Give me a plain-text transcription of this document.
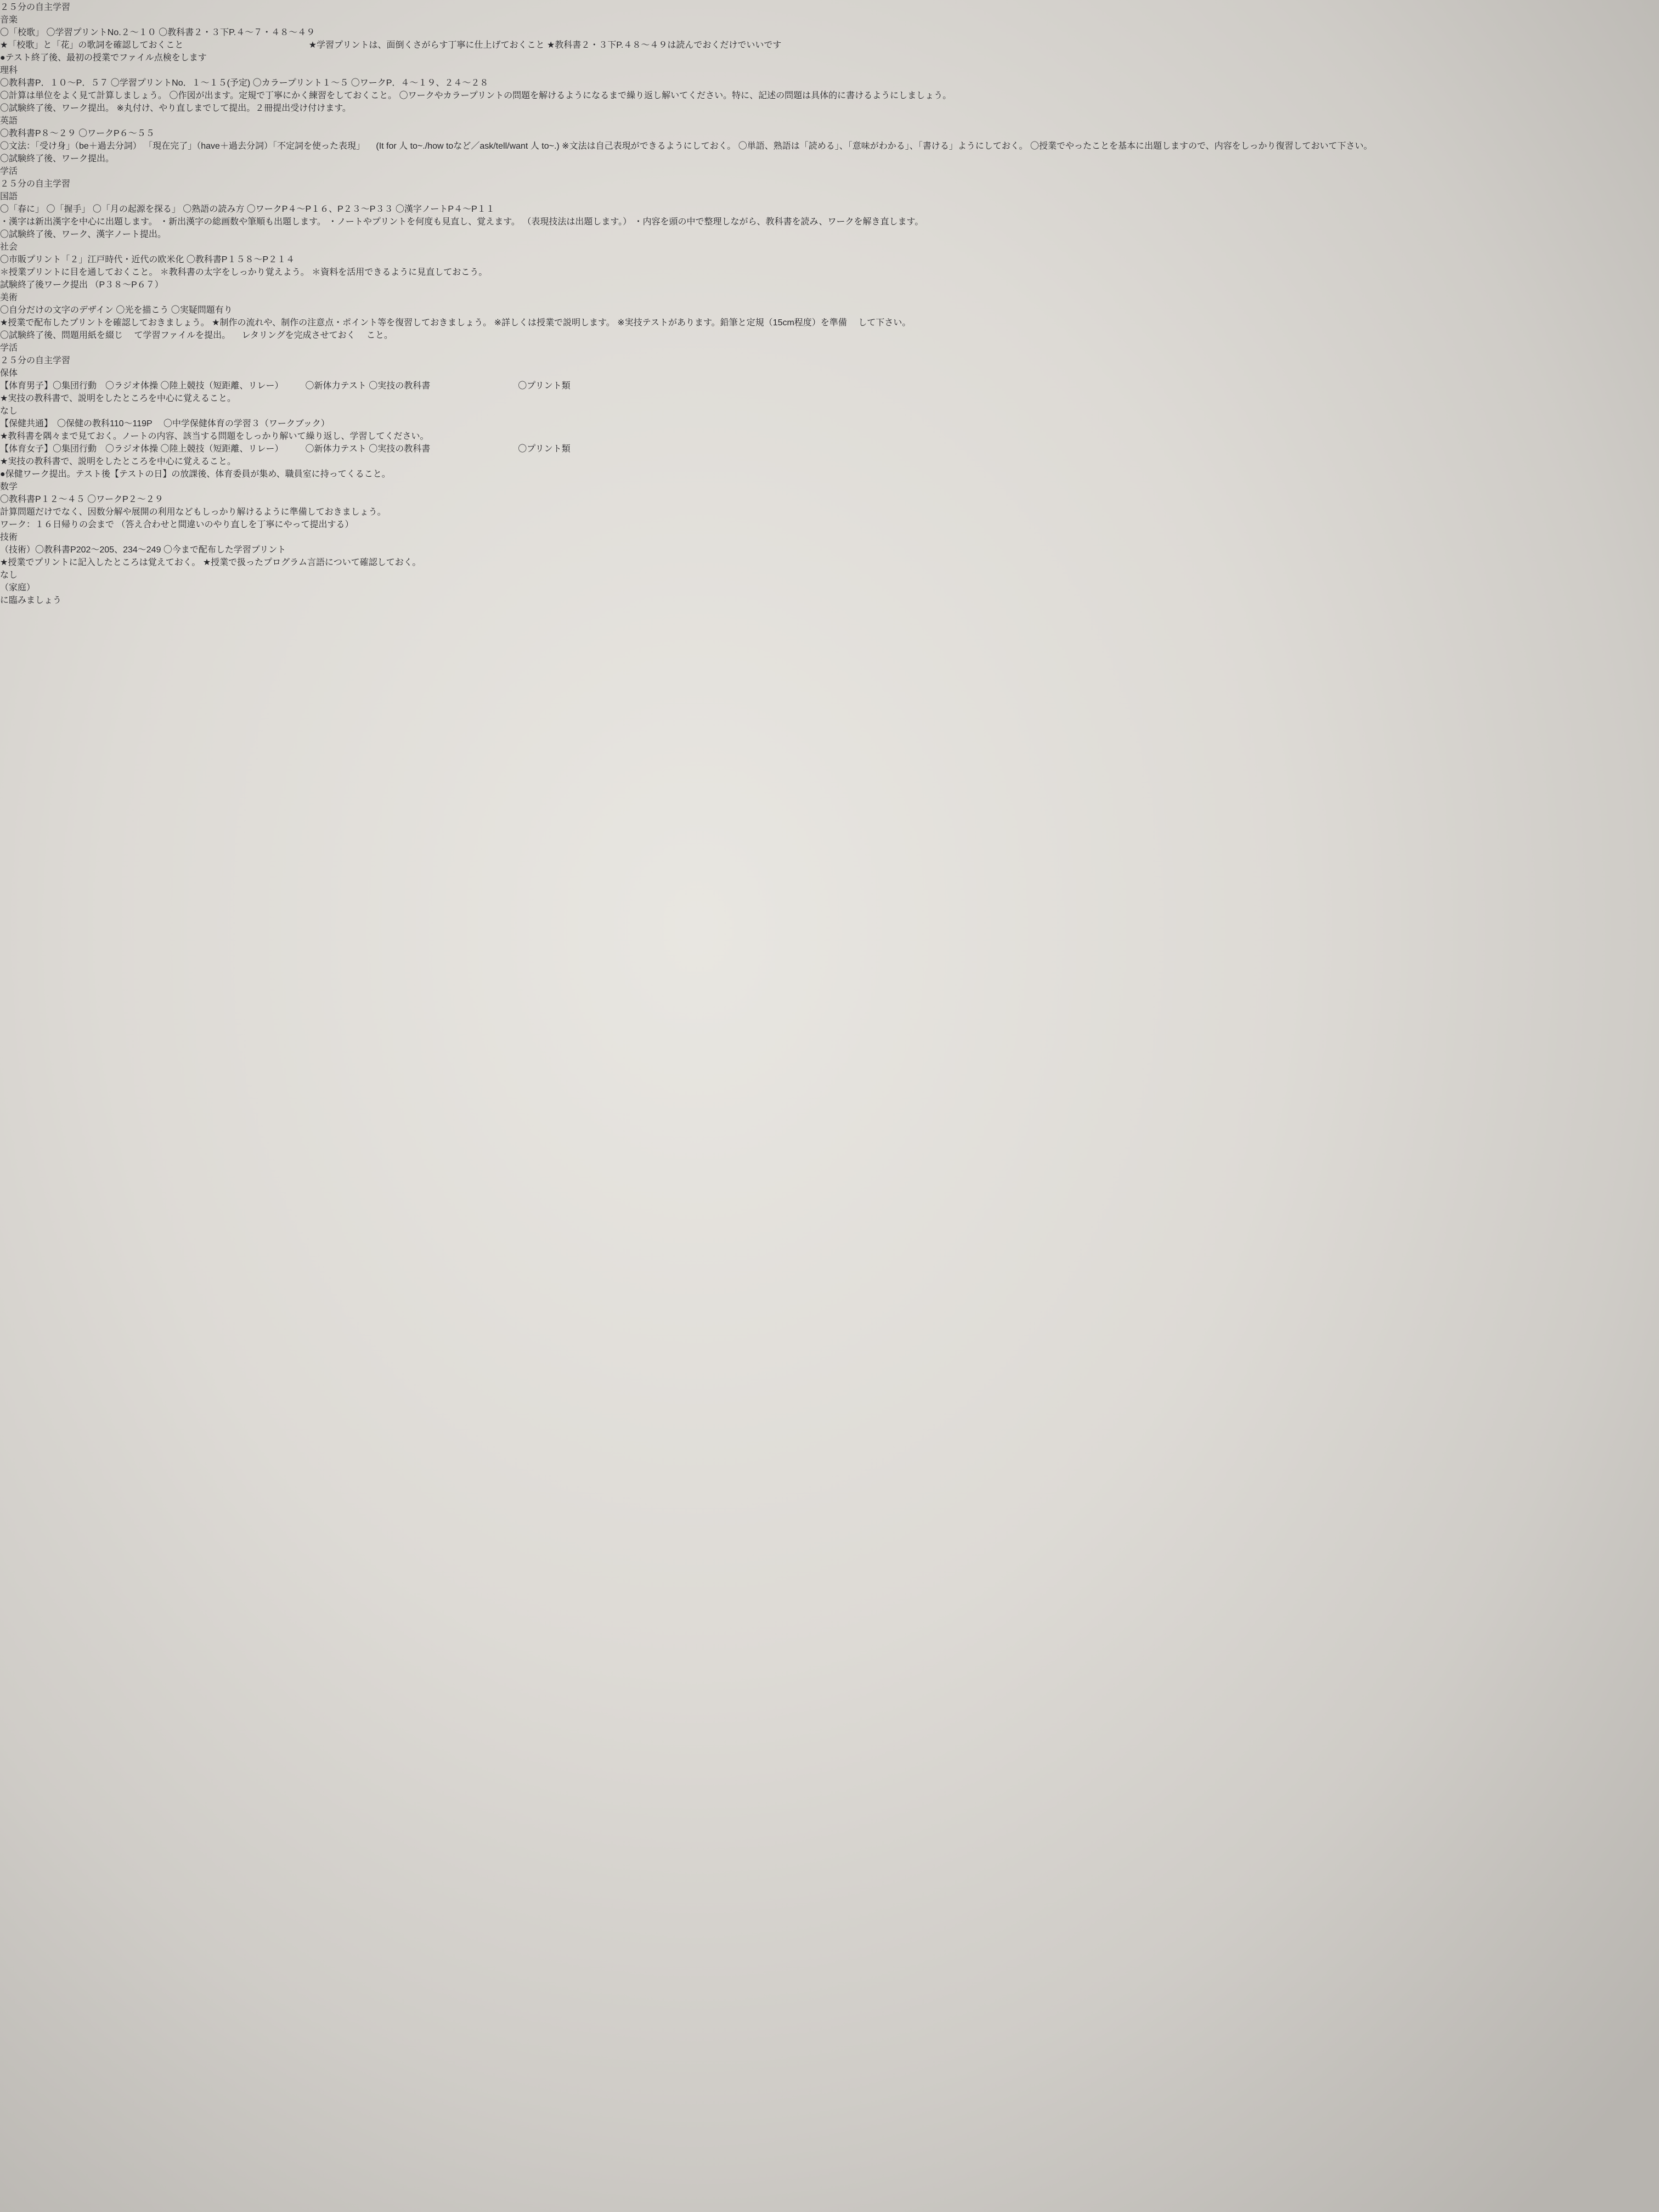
２５分の自主学習
音楽
〇「校歌」 〇学習プリントNo.２～１０ 〇教科書２・３下P.４～７・４８～４９
★「校歌」と「花」の歌詞を確認しておくこと 　　　　　　　　　　　　　　★学習プリントは、面倒くさがらす丁寧に仕上げておくこと ★教科書２・３下P.４８～４９は読んでおくだけでいいです
●テスト終了後、最初の授業でファイル点検をします
理科
〇教科書P．１０～P．５７ 〇学習プリントNo．１～１５(予定) 〇カラープリント１～５ 〇ワークP．４～１９、２４～２８
〇計算は単位をよく見て計算しましょう。 〇作図が出ます。定規で丁寧にかく練習をしておくこと。 〇ワークやカラープリントの問題を解けるようになるまで繰り返し解いてください。特に、記述の問題は具体的に書けるようにしましょう。
〇試験終了後、ワーク提出。 ※丸付け、やり直しまでして提出。２冊提出受け付けます。
英語
〇教科書P８～２９ 〇ワークP６～５５
〇文法：「受け身」（be＋過去分詞） 「現在完了」（have＋過去分詞）「不定詞を使った表現」 　(It for 人 to~./how toなど／ask/tell/want 人 to~.) ※文法は自己表現ができるようにしておく。 〇単語、熟語は「読める」、「意味がわかる」、「書ける」ようにしておく。 〇授業でやったことを基本に出題しますので、内容をしっかり復習しておいて下さい。
〇試験終了後、ワーク提出。
学活
２５分の自主学習
国語
〇「春に」 〇「握手」 〇「月の起源を探る」 〇熟語の読み方 〇ワークP４～P１６、P２３～P３３ 〇漢字ノートP４～P１１
・漢字は新出漢字を中心に出題します。 ・新出漢字の総画数や筆順も出題します。 ・ノートやプリントを何度も見直し、覚えます。 （表現技法は出題します。） ・内容を頭の中で整理しながら、教科書を読み、ワークを解き直します。
〇試験終了後、ワーク、漢字ノート提出。
社会
〇市販プリント「２」江戸時代・近代の欧米化 〇教科書P１５８～P２１４
＊授業プリントに目を通しておくこと。 ＊教科書の太字をしっかり覚えよう。 ＊資料を活用できるように見直しておこう。
試験終了後ワーク提出 （P３８～P６７）
美術
〇自分だけの文字のデザイン 〇光を描こう 〇実疑問題有り
★授業で配布したプリントを確認しておきましょう。 ★制作の流れや、制作の注意点・ポイント等を復習しておきましょう。 ※詳しくは授業で説明します。 ※実技テストがあります。鉛筆と定規（15cm程度）を準備 　して下さい。
〇試験終了後、問題用紙を綴じ 　て学習ファイルを提出。 　レタリングを完成させておく 　こと。
学活
２５分の自主学習
保体
【体育男子】〇集団行動　〇ラジオ体操 〇陸上競技（短距離、リレー）　　　〇新体力テスト 〇実技の教科書　　　　　　　　　　〇プリント類
★実技の教科書で、説明をしたところを中心に覚えること。
なし
【保健共通】　〇保健の教科110～119P 　〇中学保健体育の学習３（ワークブック）
★教科書を隅々まで見ておく。ノートの内容、該当する問題をしっかり解いて繰り返し、学習してください。
【体育女子】〇集団行動　〇ラジオ体操 〇陸上競技（短距離、リレー）　　　〇新体力テスト 〇実技の教科書　　　　　　　　　　〇プリント類
★実技の教科書で、説明をしたところを中心に覚えること。
●保健ワーク提出。テスト後【テストの日】の放課後、体育委員が集め、職員室に持ってくること。
数学
〇教科書P１２～４５ 〇ワークP２～２９
計算問題だけでなく、因数分解や展開の利用などもしっかり解けるように準備しておきましょう。
ワーク：１６日帰りの会まで （答え合わせと間違いのやり直しを丁寧にやって提出する）
技術
（技術）〇教科書P202～205、234～249 〇今まで配布した学習プリント
★授業でプリントに記入したところは覚えておく。 ★授業で扱ったプログラム言語について確認しておく。
なし
（家庭）
に臨みましょう
